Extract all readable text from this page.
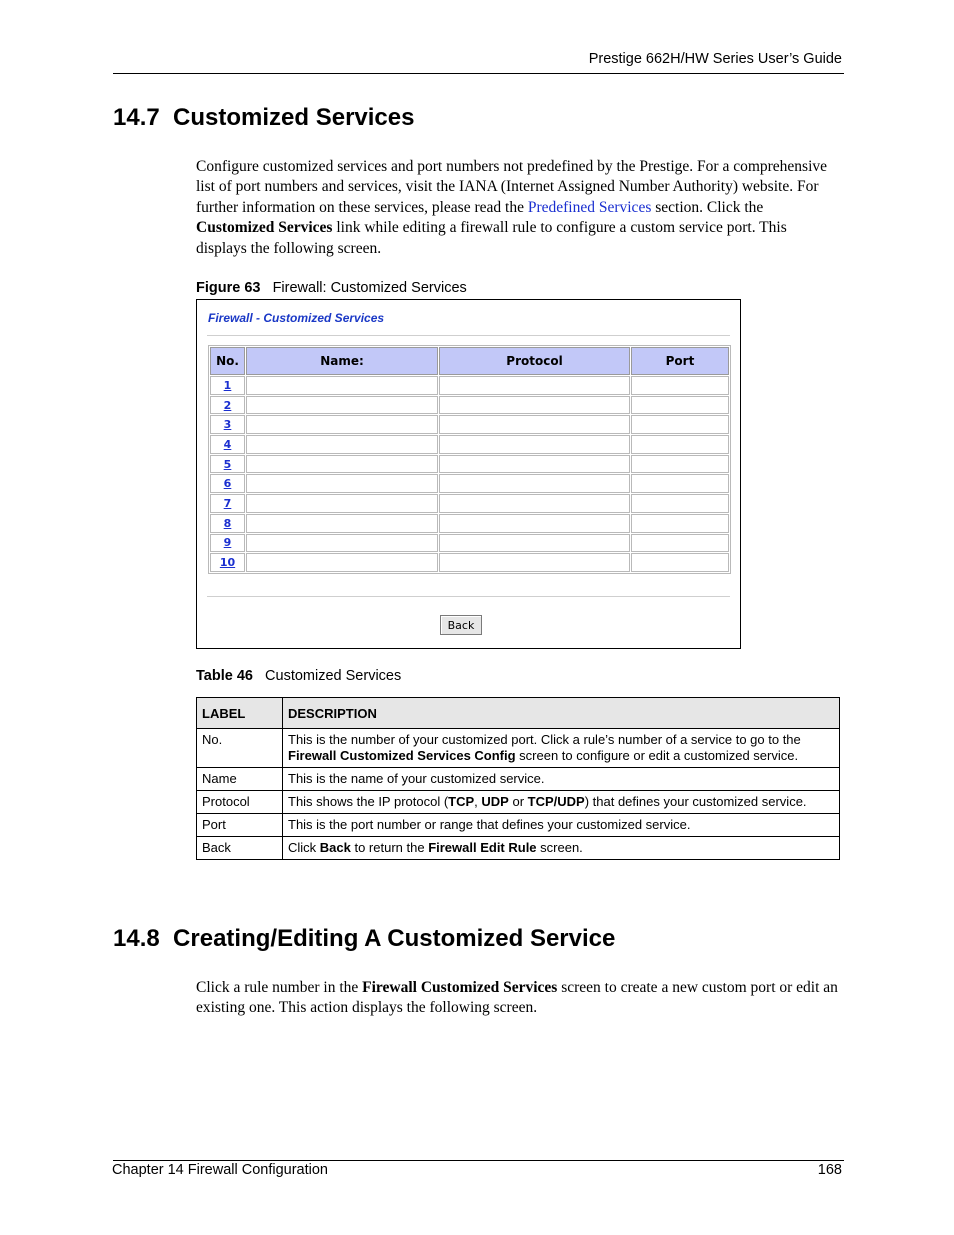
Prestige 662H/HW Series User’s Guide
14.7  Customized Services
Configure customized services and port numbers not predefined by the Prestige. For a comprehensive list of port numbers and services, visit the IANA (Internet Assigned Number Authority) website. For further information on these services, please read the Predefined Services section. Click the Customized Services link while editing a firewall rule to configure a custom service port. This displays the following screen.
Figure 63 Firewall: Customized Services
Firewall - Customized Services
No.	Name:	Protocol	Port
1			
2			
3			
4			
5			
6			
7			
8			
9			
10			
Back
Table 46 Customized Services
LABEL	DESCRIPTION
No.	This is the number of your customized port. Click a rule’s number of a service to go to the Firewall Customized Services Config screen to configure or edit a customized service.
Name	This is the name of your customized service.
Protocol	This shows the IP protocol (TCP, UDP or TCP/UDP) that defines your customized service.
Port	This is the port number or range that defines your customized service.
Back	Click Back to return the Firewall Edit Rule screen.
14.8  Creating/Editing A Customized Service
Click a rule number in the Firewall Customized Services screen to create a new custom port or edit an existing one. This action displays the following screen.
Chapter 14 Firewall Configuration	168
